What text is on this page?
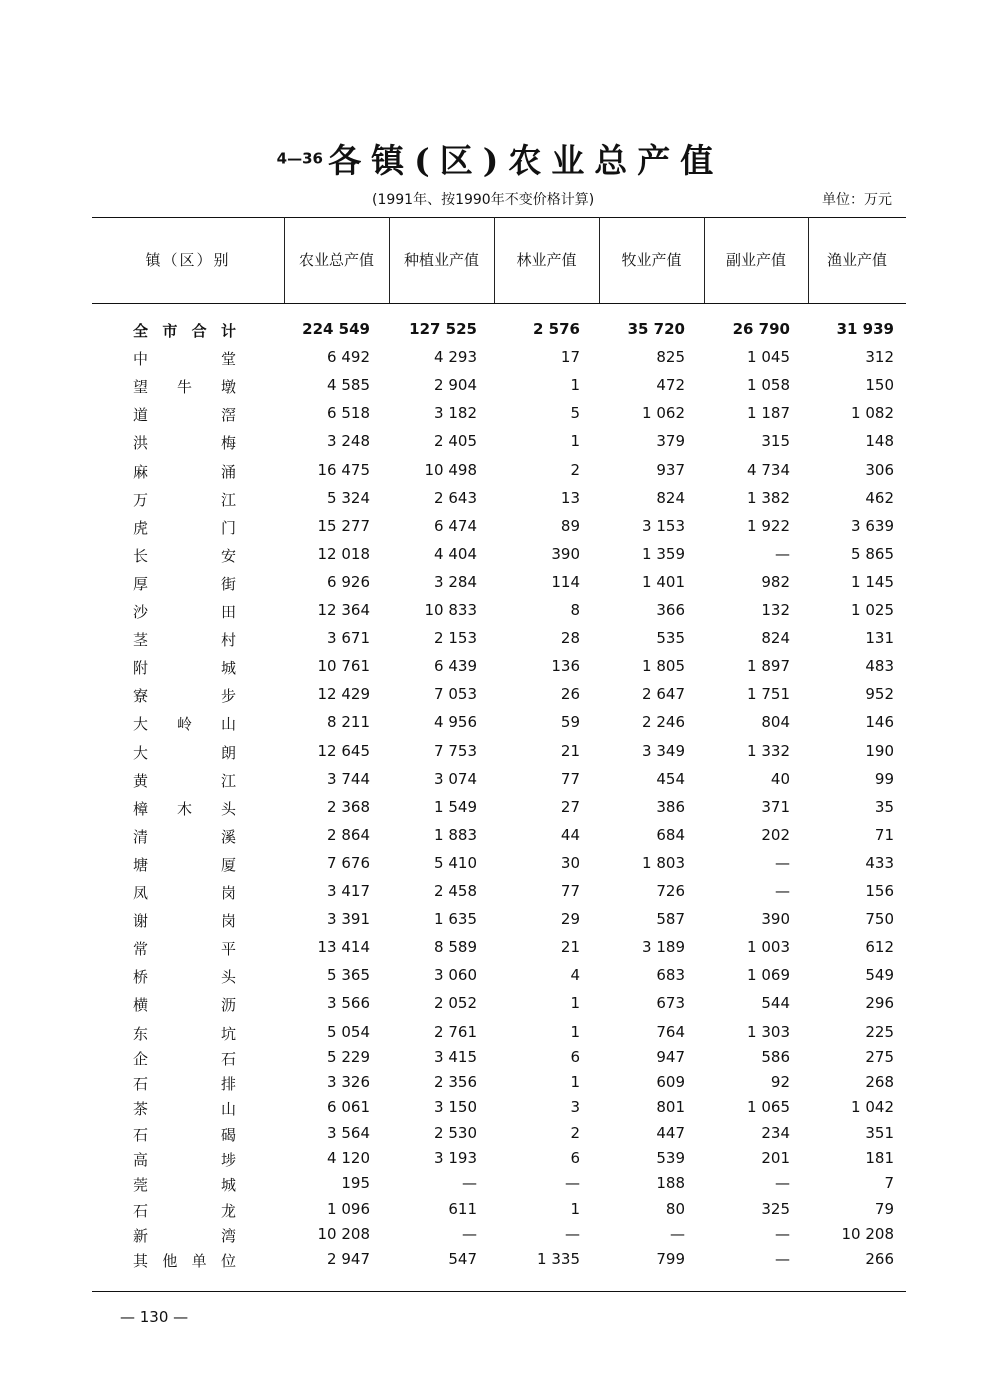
4—36 各镇(区)农业总产值
(1991年、按1990年不变价格计算)	单位：万元
镇（区）别	农业总产值	种植业产值	林业产值	牧业产值	副业产值	渔业产值
全市合计	224 549	127 525	2 576	35 720	26 790	31 939
中堂	6 492	4 293	17	825	1 045	312
望牛墩	4 585	2 904	1	472	1 058	150
道滘	6 518	3 182	5	1 062	1 187	1 082
洪梅	3 248	2 405	1	379	315	148
麻涌	16 475	10 498	2	937	4 734	306
万江	5 324	2 643	13	824	1 382	462
虎门	15 277	6 474	89	3 153	1 922	3 639
长安	12 018	4 404	390	1 359	—	5 865
厚街	6 926	3 284	114	1 401	982	1 145
沙田	12 364	10 833	8	366	132	1 025
茎村	3 671	2 153	28	535	824	131
附城	10 761	6 439	136	1 805	1 897	483
寮步	12 429	7 053	26	2 647	1 751	952
大岭山	8 211	4 956	59	2 246	804	146
大朗	12 645	7 753	21	3 349	1 332	190
黄江	3 744	3 074	77	454	40	99
樟木头	2 368	1 549	27	386	371	35
清溪	2 864	1 883	44	684	202	71
塘厦	7 676	5 410	30	1 803	—	433
凤岗	3 417	2 458	77	726	—	156
谢岗	3 391	1 635	29	587	390	750
常平	13 414	8 589	21	3 189	1 003	612
桥头	5 365	3 060	4	683	1 069	549
横沥	3 566	2 052	1	673	544	296
东坑	5 054	2 761	1	764	1 303	225
企石	5 229	3 415	6	947	586	275
石排	3 326	2 356	1	609	92	268
茶山	6 061	3 150	3	801	1 065	1 042
石碣	3 564	2 530	2	447	234	351
高埗	4 120	3 193	6	539	201	181
莞城	195	—	—	188	—	7
石龙	1 096	611	1	80	325	79
新湾	10 208	—	—	—	—	10 208
其他单位	2 947	547	1 335	799	—	266
— 130 —
